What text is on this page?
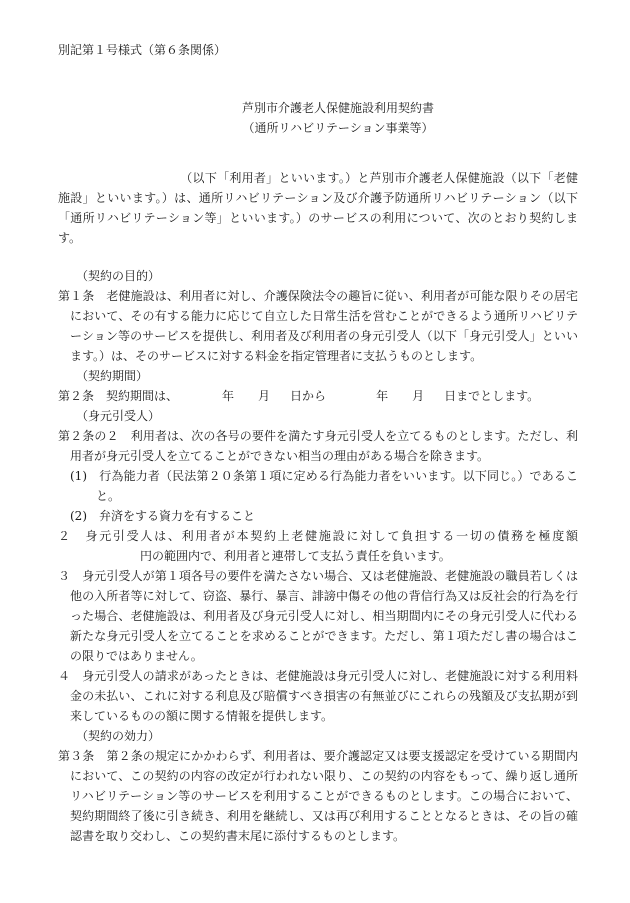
別記第１号様式（第６条関係）

芦別市介護老人保健施設利用契約書

（通所リハビリテーション事業等）

（以下「利用者」といいます。）と芦別市介護老人保健施設（以下「老健施設」といいます。）は、通所リハビリテーション及び介護予防通所リハビリテーション（以下「通所リハビリテーション等」といいます。）のサービスの利用について、次のとおり契約します。

（契約の目的）

第１条　老健施設は、利用者に対し、介護保険法令の趣旨に従い、利用者が可能な限りその居宅において、その有する能力に応じて自立した日常生活を営むことができるよう通所リハビリテーション等のサービスを提供し、利用者及び利用者の身元引受人（以下「身元引受人」といいます。）は、そのサービスに対する料金を指定管理者に支払うものとします。

（契約期間）

第２条　契約期間は、	年 月 日から	年 月 日までとします。

（身元引受人）

第２条の２　利用者は、次の各号の要件を満たす身元引受人を立てるものとします。ただし、利用者が身元引受人を立てることができない相当の理由がある場合を除きます。

(1)　行為能力者（民法第２０条第１項に定める行為能力者をいいます。以下同じ。）であること。

(2)　弁済をする資力を有すること

２　身元引受人は、利用者が本契約上老健施設に対して負担する一切の債務を極度額円の範囲内で、利用者と連帯して支払う責任を負います。

３　身元引受人が第１項各号の要件を満たさない場合、又は老健施設、老健施設の職員若しくは他の入所者等に対して、窃盗、暴行、暴言、誹謗中傷その他の背信行為又は反社会的行為を行った場合、老健施設は、利用者及び身元引受人に対し、相当期間内にその身元引受人に代わる新たな身元引受人を立てることを求めることができます。ただし、第１項ただし書の場合はこの限りではありません。

４　身元引受人の請求があったときは、老健施設は身元引受人に対し、老健施設に対する利用料金の未払い、これに対する利息及び賠償すべき損害の有無並びにこれらの残額及び支払期が到来しているものの額に関する情報を提供します。

（契約の効力）

第３条　第２条の規定にかかわらず、利用者は、要介護認定又は要支援認定を受けている期間内において、この契約の内容の改定が行われない限り、この契約の内容をもって、繰り返し通所リハビリテーション等のサービスを利用することができるものとします。この場合において、契約期間終了後に引き続き、利用を継続し、又は再び利用することとなるときは、その旨の確認書を取り交わし、この契約書末尾に添付するものとします。
